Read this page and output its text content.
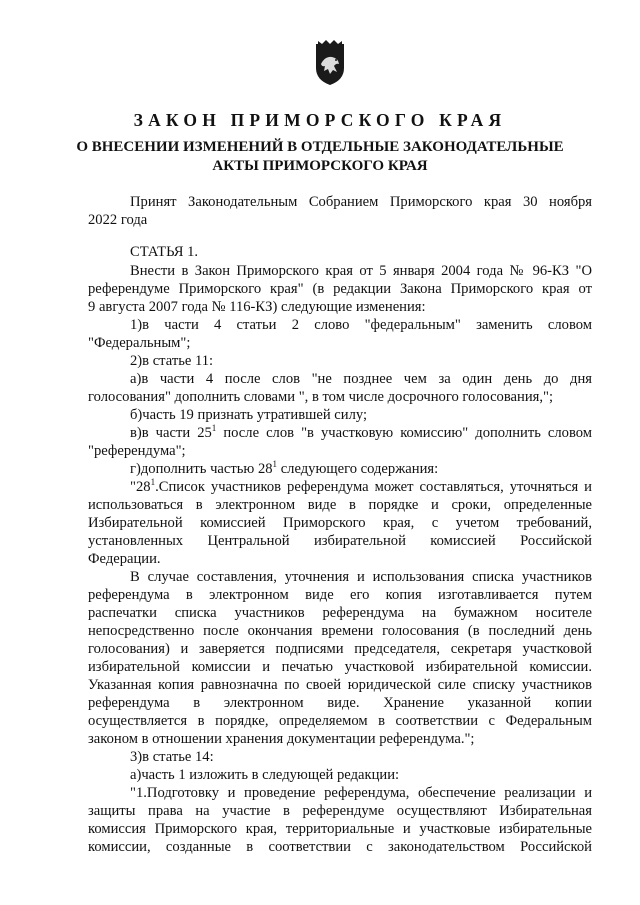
ЗАКОН ПРИМОРСКОГО КРАЯ
О ВНЕСЕНИИ ИЗМЕНЕНИЙ В ОТДЕЛЬНЫЕ ЗАКОНОДАТЕЛЬНЫЕ
АКТЫ ПРИМОРСКОГО КРАЯ
Принят Законодательным Собранием Приморского края 30 ноября
2022 года
СТАТЬЯ 1.
Внести в Закон Приморского края от 5 января 2004 года № 96-КЗ "О
референдуме Приморского края" (в редакции Закона Приморского края от
9 августа 2007 года № 116-КЗ) следующие изменения:
1)в части 4 статьи 2 слово "федеральным" заменить словом
"Федеральным";
2)в статье 11:
а)в части 4 после слов "не позднее чем за один день до дня
голосования" дополнить словами ", в том числе досрочного голосования,";
б)часть 19 признать утратившей силу;
в)в части $25^1$ после слов "в участковую комиссию" дополнить словом
"референдума";
г)дополнить частью $28^1$ следующего содержания:
"$28^1.Список$ участников референдума может составляться, уточняться и
использоваться в электронном виде в порядке и сроки, определенные
Избирательной комиссией Приморского края, с учетом требований,
установленных Центральной избирательной комиссией Российской
Федерации.
В случае составления, уточнения и использования списка участников
референдума в электронном виде его копия изготавливается путем
распечатки списка участников референдума на бумажном носителе
непосредственно после окончания времени голосования (в последний день
голосования) и заверяется подписями председателя, секретаря участковой
избирательной комиссии и печатью участковой избирательной комиссии.
Указанная копия равнозначна по своей юридической силе списку участников
референдума в электронном виде. Хранение указанной копии
осуществляется в порядке, определяемом в соответствии с Федеральным
законом в отношении хранения документации референдума.";
3)в статье 14:
а)часть 1 изложить в следующей редакции:
"1.Подготовку и проведение референдума, обеспечение реализации и
защиты права на участие в референдуме осуществляют Избирательная
комиссия Приморского края, территориальные и участковые избирательные
комиссии, созданные в соответствии с законодательством Российской
